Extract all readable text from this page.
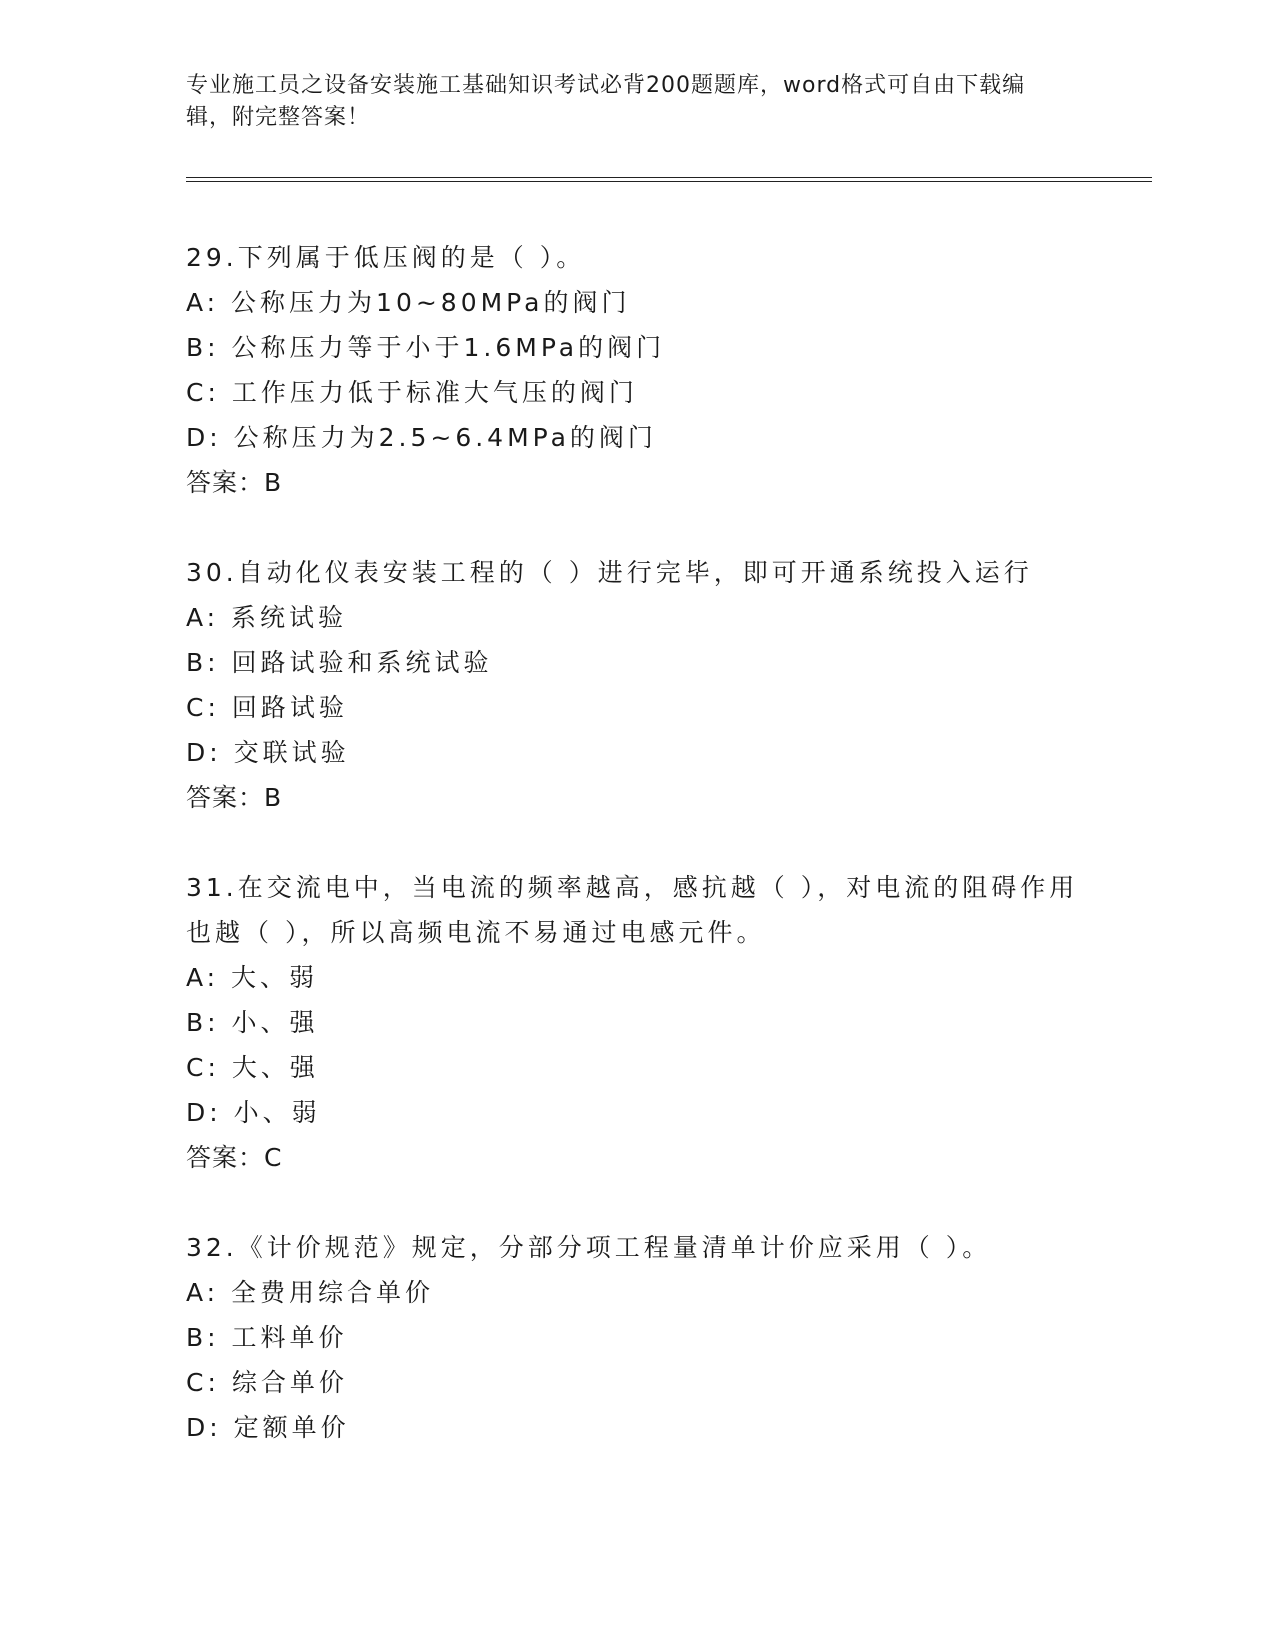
专业施工员之设备安装施工基础知识考试必背200题题库，word格式可自由下载编辑，附完整答案！
29.下列属于低压阀的是（ ）。
A: 公称压力为10~80MPa的阀门
B: 公称压力等于小于1.6MPa的阀门
C: 工作压力低于标准大气压的阀门
D: 公称压力为2.5~6.4MPa的阀门
答案：B
30.自动化仪表安装工程的（ ）进行完毕，即可开通系统投入运行
A: 系统试验
B: 回路试验和系统试验
C: 回路试验
D: 交联试验
答案：B
31.在交流电中，当电流的频率越高，感抗越（ ），对电流的阻碍作用也越（ ），所以高频电流不易通过电感元件。
A: 大、弱
B: 小、强
C: 大、强
D: 小、弱
答案：C
32.《计价规范》规定，分部分项工程量清单计价应采用（ ）。
A: 全费用综合单价
B: 工料单价
C: 综合单价
D: 定额单价
